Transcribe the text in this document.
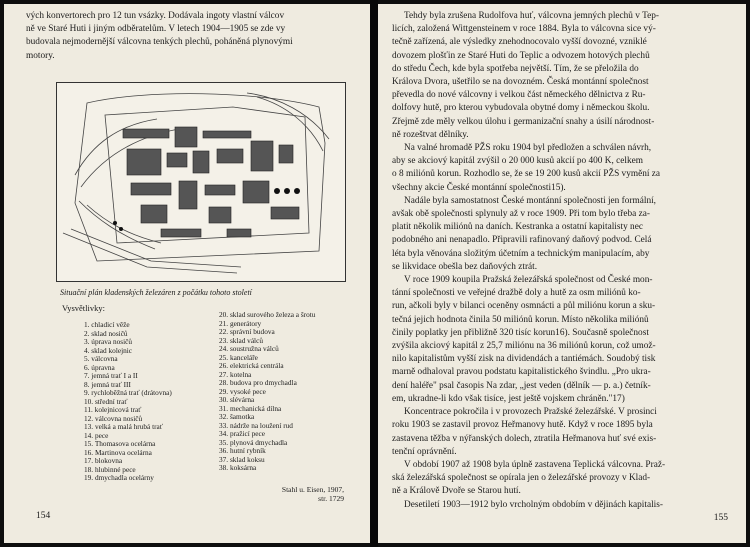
vých konvertorech pro 12 tun vsázky. Dodávala ingoty vlastní válcov
ně ve Staré Huti i jiným odběratelům. V letech 1904—1905 se zde vy
budovala nejmodernější válcovna tenkých plechů, poháněná plynovými
motory.
Situační plán kladenských železáren z počátku tohoto století
Vysvětlivky:
1. chladicí věže
2. sklad nosičů
3. úprava nosičů
4. sklad kolejnic
5. válcovna
6. úpravna
7. jemná trať I a II
8. jemná trať III
9. rychloběžná trať (drátovna)
10. střední trať
11. kolejnicová trať
12. válcovna nosičů
13. velká a malá hrubá trať
14. pece
15. Thomasova ocelárna
16. Martinova ocelárna
17. blokovna
18. hlubinné pece
19. dmychadla ocelárny
20. sklad surového železa a šrotu
21. generátory
22. správní budova
23. sklad válců
24. soustružna válců
25. kanceláře
26. elektrická centrála
27. kotelna
28. budova pro dmychadla
29. vysoké pece
30. slévárna
31. mechanická dílna
32. šamotka
33. nádrže na loužení rud
34. pražicí pece
35. plynová dmychadla
36. hutní rybník
37. sklad koksu
38. koksárna
Stahl u. Eisen, 1907,
str. 1729
154
Tehdy byla zrušena Rudolfova huť, válcovna jemných plechů v Tep-
licích, založená Wittgensteinem v roce 1884. Byla to válcovna sice vý-
tečně zařízená, ale výsledky znehodnocovalo vyšší dovozné, vzniklé
dovozem plošťin ze Staré Huti do Teplic a odvozem hotových plechů
do středu Čech, kde byla spotřeba největší. Tím, že se přeložila do
Králova Dvora, ušetřilo se na dovozném. Česká montánní společnost
převedla do nové válcovny i velkou část německého dělnictva z Ru-
dolfovy hutě, pro kterou vybudovala obytné domy i německou školu.
Zřejmě zde měly velkou úlohu i germanizační snahy a úsilí národnost-
ně rozeštvat dělníky.
Na valné hromadě PŽS roku 1904 byl předložen a schválen návrh,
aby se akciový kapitál zvýšil o 20 000 kusů akcií po 400 K, celkem
o 8 miliónů korun. Rozhodlo se, že se 19 200 kusů akcií PŽS vymění za
všechny akcie České montánní společnosti15).
Nadále byla samostatnost České montánní společnosti jen formální,
avšak obě společnosti splynuly až v roce 1909. Při tom bylo třeba za-
platit několik miliónů na daních. Kestranka a ostatní kapitalisty nec
podobného ani nenapadlo. Připravili rafinovaný daňový podvod. Celá
léta byla věnována složitým účetním a technickým manipulacím, aby
se likvidace obešla bez daňových ztrát.
V roce 1909 koupila Pražská železářská společnost od České mon-
tánní společnosti ve veřejné dražbě doly a hutě za osm miliónů ko-
run, ačkoli byly v bilanci oceněny osmnácti a půl miliónu korun a sku-
tečná jejich hodnota činila 50 miliónů korun. Místo několika miliónů
činily poplatky jen přibližně 320 tisíc korun16). Současně společnost
zvýšila akciový kapitál z 25,7 miliónu na 36 miliónů korun, což umož-
nilo kapitalistům vyšší zisk na dividendách a tantiémách. Soudobý tisk
marně odhaloval pravou podstatu kapitalistického švindlu. „Pro ukra-
dení haléře" psal časopis Na zdar, „jest veden (dělník — p. a.) četník-
em, ukradne-li kdo však tisíce, jest ještě vojskem chráněn."17)
Koncentrace pokročila i v provozech Pražské železářské. V prosinci
roku 1903 se zastavil provoz Heřmanovy hutě. Když v roce 1895 byla
zastavena těžba v nýřanských dolech, ztratila Heřmanova huť své exis-
tenční oprávnění.
V období 1907 až 1908 byla úplně zastavena Teplická válcovna. Praž-
ská železářská společnost se opírala jen o železářské provozy v Klad-
ně a Králově Dvoře se Starou hutí.
Desetiletí 1903—1912 bylo vrcholným obdobím v dějinách kapitalis-
155
